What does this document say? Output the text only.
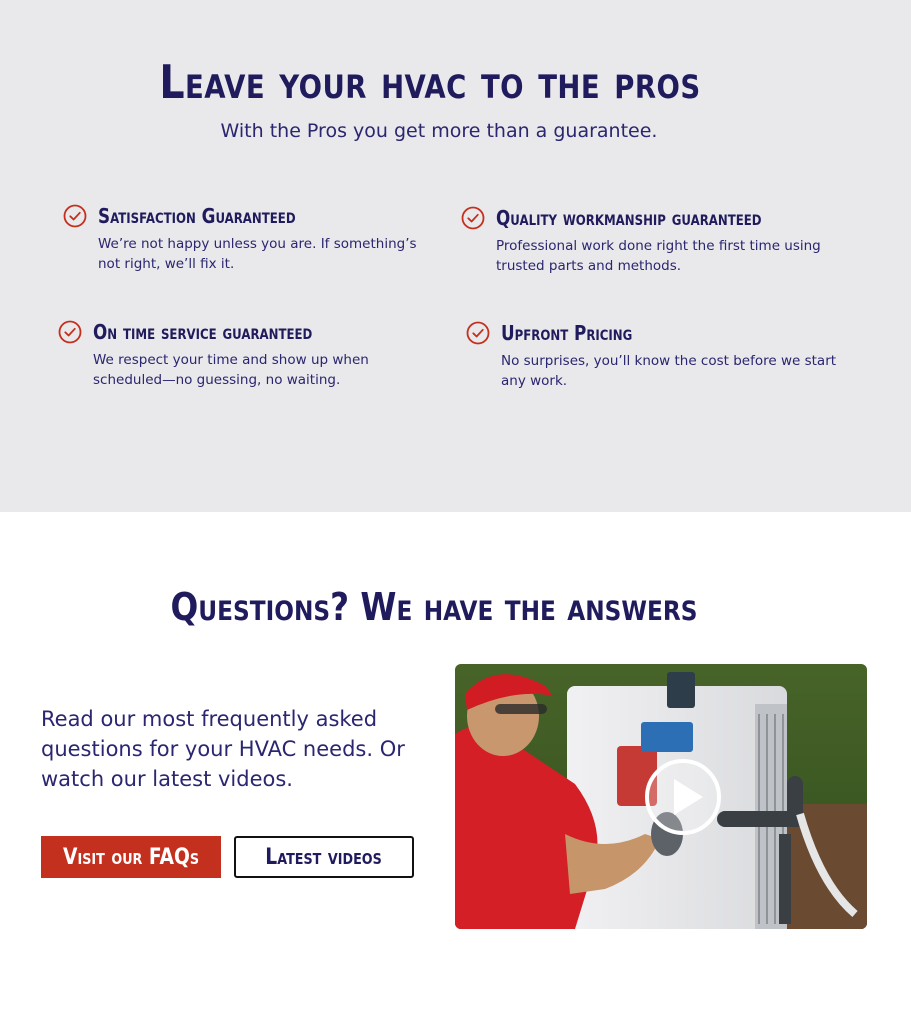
Leave your hvac to the pros

With the Pros you get more than a guarantee.

Satisfaction Guaranteed
We’re not happy unless you are. If something’s not right, we’ll fix it.
Quality workmanship guaranteed
Professional work done right the first time using trusted parts and methods.
On time service guaranteed
We respect your time and show up when scheduled—no guessing, no waiting.
Upfront Pricing
No surprises, you’ll know the cost before we start any work.
Questions? We have the answers

Read our most frequently asked questions for your HVAC needs. Or watch our latest videos.

Visit our FAQs	Latest videos
